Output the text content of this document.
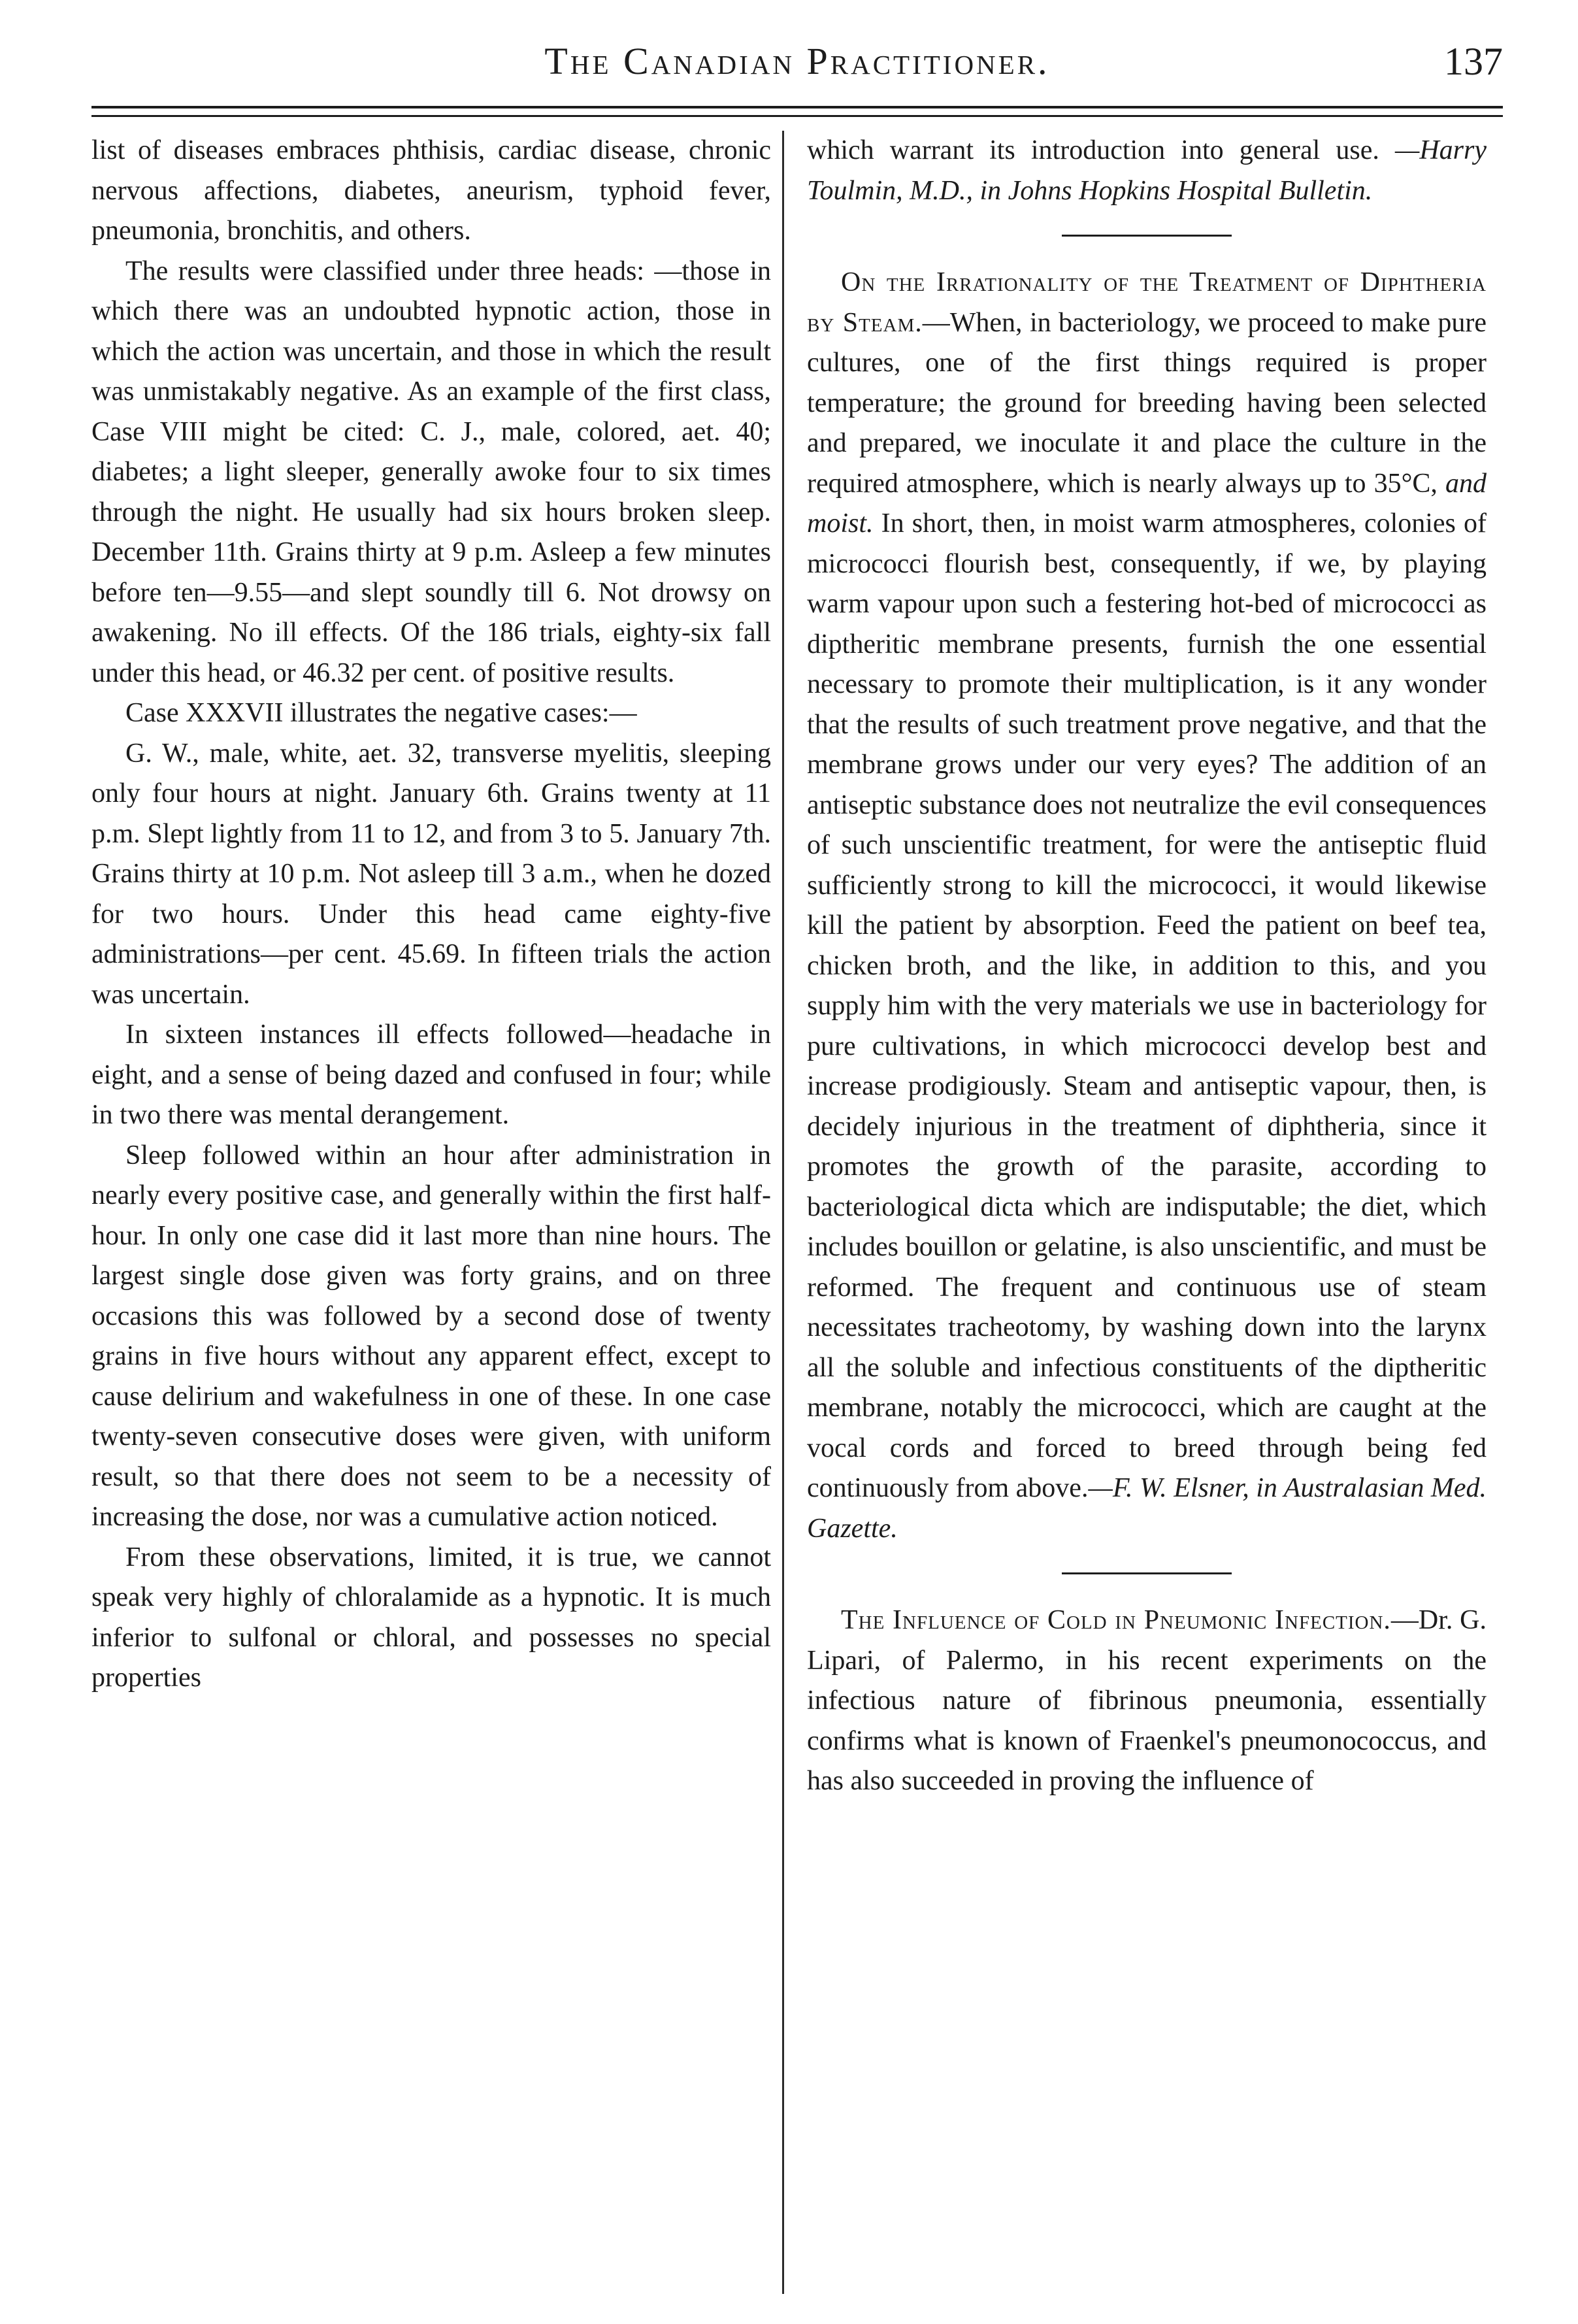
The Canadian Practitioner.	137

list of diseases embraces phthisis, cardiac disease, chronic nervous affections, diabetes, aneurism, typhoid fever, pneumonia, bronchitis, and others.

The results were classified under three heads: —those in which there was an undoubted hypnotic action, those in which the action was uncertain, and those in which the result was unmistakably negative. As an example of the first class, Case VIII might be cited: C. J., male, colored, aet. 40; diabetes; a light sleeper, generally awoke four to six times through the night. He usually had six hours broken sleep. December 11th. Grains thirty at 9 p.m. Asleep a few minutes before ten—9.55—and slept soundly till 6. Not drowsy on awakening. No ill effects. Of the 186 trials, eighty-six fall under this head, or 46.32 per cent. of positive results.

Case XXXVII illustrates the negative cases:—

G. W., male, white, aet. 32, transverse myelitis, sleeping only four hours at night. January 6th. Grains twenty at 11 p.m. Slept lightly from 11 to 12, and from 3 to 5. January 7th. Grains thirty at 10 p.m. Not asleep till 3 a.m., when he dozed for two hours. Under this head came eighty-five administrations—per cent. 45.69. In fifteen trials the action was uncertain.

In sixteen instances ill effects followed—headache in eight, and a sense of being dazed and confused in four; while in two there was mental derangement.

Sleep followed within an hour after administration in nearly every positive case, and generally within the first half-hour. In only one case did it last more than nine hours. The largest single dose given was forty grains, and on three occasions this was followed by a second dose of twenty grains in five hours without any apparent effect, except to cause delirium and wakefulness in one of these. In one case twenty-seven consecutive doses were given, with uniform result, so that there does not seem to be a necessity of increasing the dose, nor was a cumulative action noticed.

From these observations, limited, it is true, we cannot speak very highly of chloralamide as a hypnotic. It is much inferior to sulfonal or chloral, and possesses no special properties

which warrant its introduction into general use. —Harry Toulmin, M.D., in Johns Hopkins Hospital Bulletin.

On the Irrationality of the Treatment of Diphtheria by Steam.—When, in bacteriology, we proceed to make pure cultures, one of the first things required is proper temperature; the ground for breeding having been selected and prepared, we inoculate it and place the culture in the required atmosphere, which is nearly always up to 35°C, and moist. In short, then, in moist warm atmospheres, colonies of micrococci flourish best, consequently, if we, by playing warm vapour upon such a festering hot-bed of micrococci as diptheritic membrane presents, furnish the one essential necessary to promote their multiplication, is it any wonder that the results of such treatment prove negative, and that the membrane grows under our very eyes? The addition of an antiseptic substance does not neutralize the evil consequences of such unscientific treatment, for were the antiseptic fluid sufficiently strong to kill the micrococci, it would likewise kill the patient by absorption. Feed the patient on beef tea, chicken broth, and the like, in addition to this, and you supply him with the very materials we use in bacteriology for pure cultivations, in which micrococci develop best and increase prodigiously. Steam and antiseptic vapour, then, is decidely injurious in the treatment of diphtheria, since it promotes the growth of the parasite, according to bacteriological dicta which are indisputable; the diet, which includes bouillon or gelatine, is also unscientific, and must be reformed. The frequent and continuous use of steam necessitates tracheotomy, by washing down into the larynx all the soluble and infectious constituents of the diptheritic membrane, notably the micrococci, which are caught at the vocal cords and forced to breed through being fed continuously from above.—F. W. Elsner, in Australasian Med. Gazette.

The Influence of Cold in Pneumonic Infection.—Dr. G. Lipari, of Palermo, in his recent experiments on the infectious nature of fibrinous pneumonia, essentially confirms what is known of Fraenkel's pneumonococcus, and has also succeeded in proving the influence of
